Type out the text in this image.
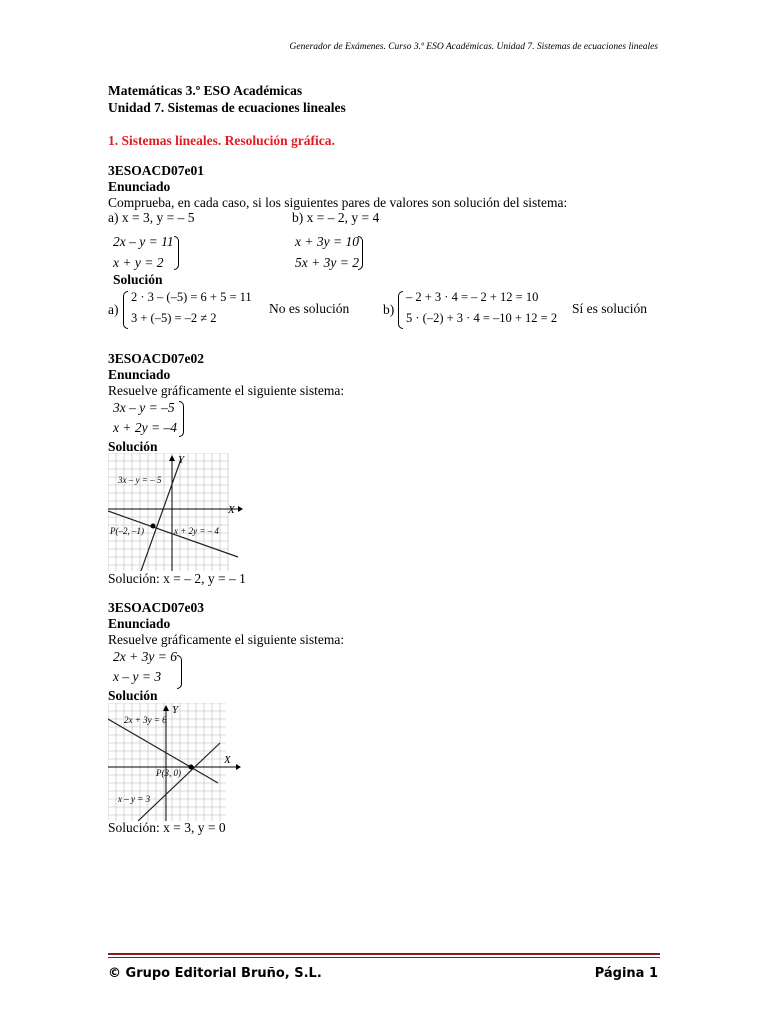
Generador de Exámenes. Curso 3.º ESO Académicas. Unidad 7. Sistemas de ecuaciones lineales
Matemáticas 3.º ESO Académicas
Unidad 7. Sistemas de ecuaciones lineales
1. Sistemas lineales. Resolución gráfica.
3ESOACD07e01
Enunciado
Comprueba, en cada caso, si los siguientes pares de valores son solución del sistema:
a) x = 3, y = – 5	b) x = – 2, y = 4
2x – y = 11
x + y = 2
x + 3y = 10
5x + 3y = 2
Solución
a)
2 · 3 – (–5) = 6 + 5 = 11
3 + (–5) = –2 ≠ 2
No es solución	b)
– 2 + 3 · 4 = – 2 + 12 = 10
5 · (–2) + 3 · 4 = –10 + 12 = 2
Sí es solución
3ESOACD07e02
Enunciado
Resuelve gráficamente el siguiente sistema:
3x – y = –5
x + 2y = –4
Solución
3x – y = – 5
x + 2y = – 4
P(–2, –1)
X
Y
Solución: x = – 2, y = – 1
3ESOACD07e03
Enunciado
Resuelve gráficamente el siguiente sistema:
2x + 3y = 6
x – y = 3
Solución
2x + 3y = 6
x – y = 3
P(3, 0)
X
Y
Solución: x = 3, y = 0
© Grupo Editorial Bruño, S.L.	Página 1
